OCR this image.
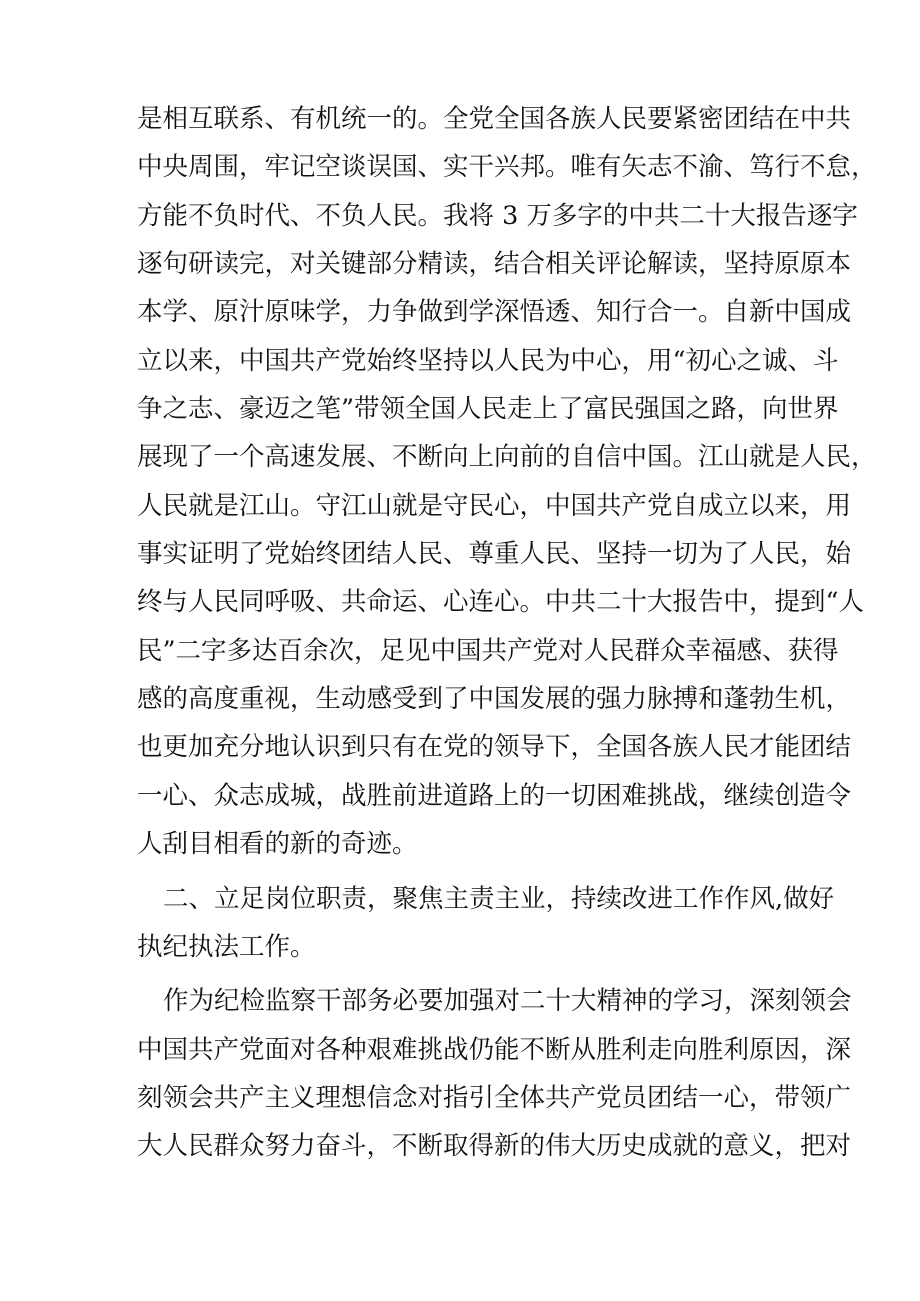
是相互联系、有机统一的。全党全国各族人民要紧密团结在中共
中央周围，牢记空谈误国、实干兴邦。唯有矢志不渝、笃行不怠，
方能不负时代、不负人民。我将 3 万多字的中共二十大报告逐字
逐句研读完，对关键部分精读，结合相关评论解读，坚持原原本
本学、原汁原味学，力争做到学深悟透、知行合一。自新中国成
立以来，中国共产党始终坚持以人民为中心，用“初心之诚、斗
争之志、豪迈之笔”带领全国人民走上了富民强国之路，向世界
展现了一个高速发展、不断向上向前的自信中国。江山就是人民，
人民就是江山。守江山就是守民心，中国共产党自成立以来，用
事实证明了党始终团结人民、尊重人民、坚持一切为了人民，始
终与人民同呼吸、共命运、心连心。中共二十大报告中，提到“人
民”二字多达百余次，足见中国共产党对人民群众幸福感、获得
感的高度重视，生动感受到了中国发展的强力脉搏和蓬勃生机，
也更加充分地认识到只有在党的领导下，全国各族人民才能团结
一心、众志成城，战胜前进道路上的一切困难挑战，继续创造令
人刮目相看的新的奇迹。
二、立足岗位职责，聚焦主责主业，持续改进工作作风,做好
执纪执法工作。
作为纪检监察干部务必要加强对二十大精神的学习，深刻领会
中国共产党面对各种艰难挑战仍能不断从胜利走向胜利原因，深
刻领会共产主义理想信念对指引全体共产党员团结一心，带领广
大人民群众努力奋斗，不断取得新的伟大历史成就的意义，把对
